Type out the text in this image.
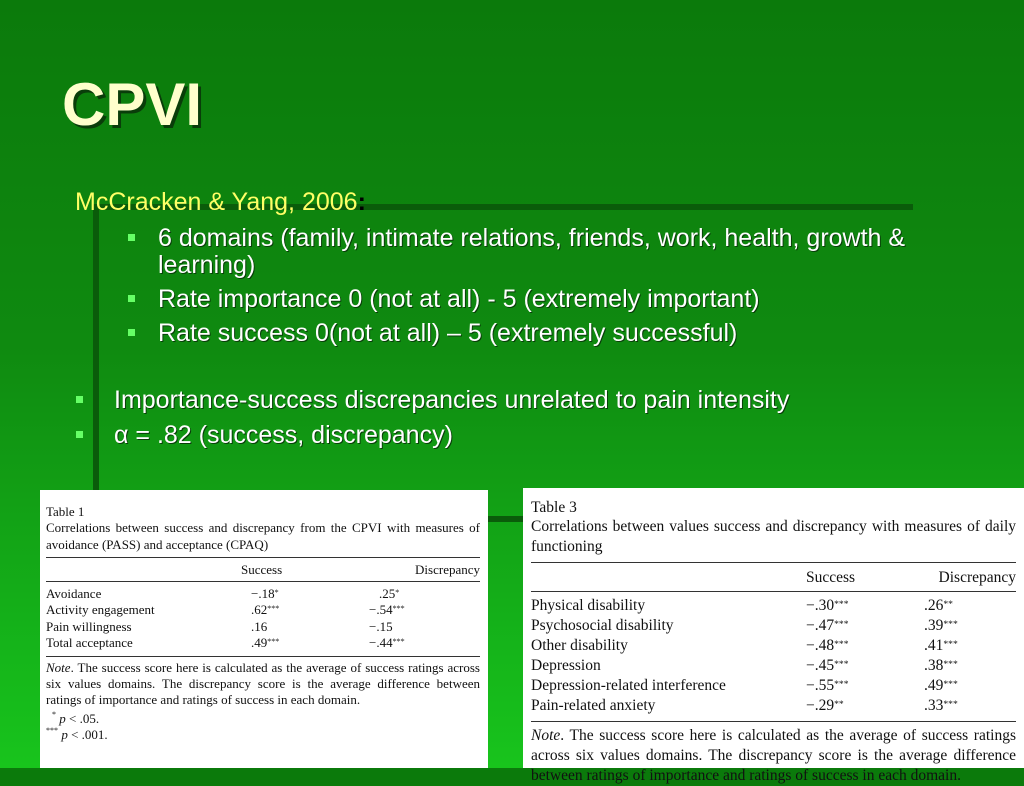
CPVI
McCracken & Yang, 2006:
6 domains (family, intimate relations, friends, work, health, growth & learning)
Rate importance 0 (not at all) - 5 (extremely important)
Rate success 0(not at all) – 5 (extremely successful)
Importance-success discrepancies unrelated to pain intensity
α = .82 (success, discrepancy)
Table 1
Correlations between success and discrepancy from the CPVI with measures of avoidance (PASS) and acceptance (CPAQ)
	Success	Discrepancy
Avoidance	−.18*	.25*
Activity engagement	.62***	−.54***
Pain willingness	.16	−.15
Total acceptance	.49***	−.44***
Note. The success score here is calculated as the average of success ratings across six values domains. The discrepancy score is the average difference between ratings of importance and ratings of success in each domain.
* p < .05.
*** p < .001.
Table 3
Correlations between values success and discrepancy with measures of daily functioning
	Success	Discrepancy
Physical disability	−.30***	.26**
Psychosocial disability	−.47***	.39***
Other disability	−.48***	.41***
Depression	−.45***	.38***
Depression-related interference	−.55***	.49***
Pain-related anxiety	−.29**	.33***
Note. The success score here is calculated as the average of success ratings across six values domains. The discrepancy score is the average difference between ratings of importance and ratings of success in each domain.
